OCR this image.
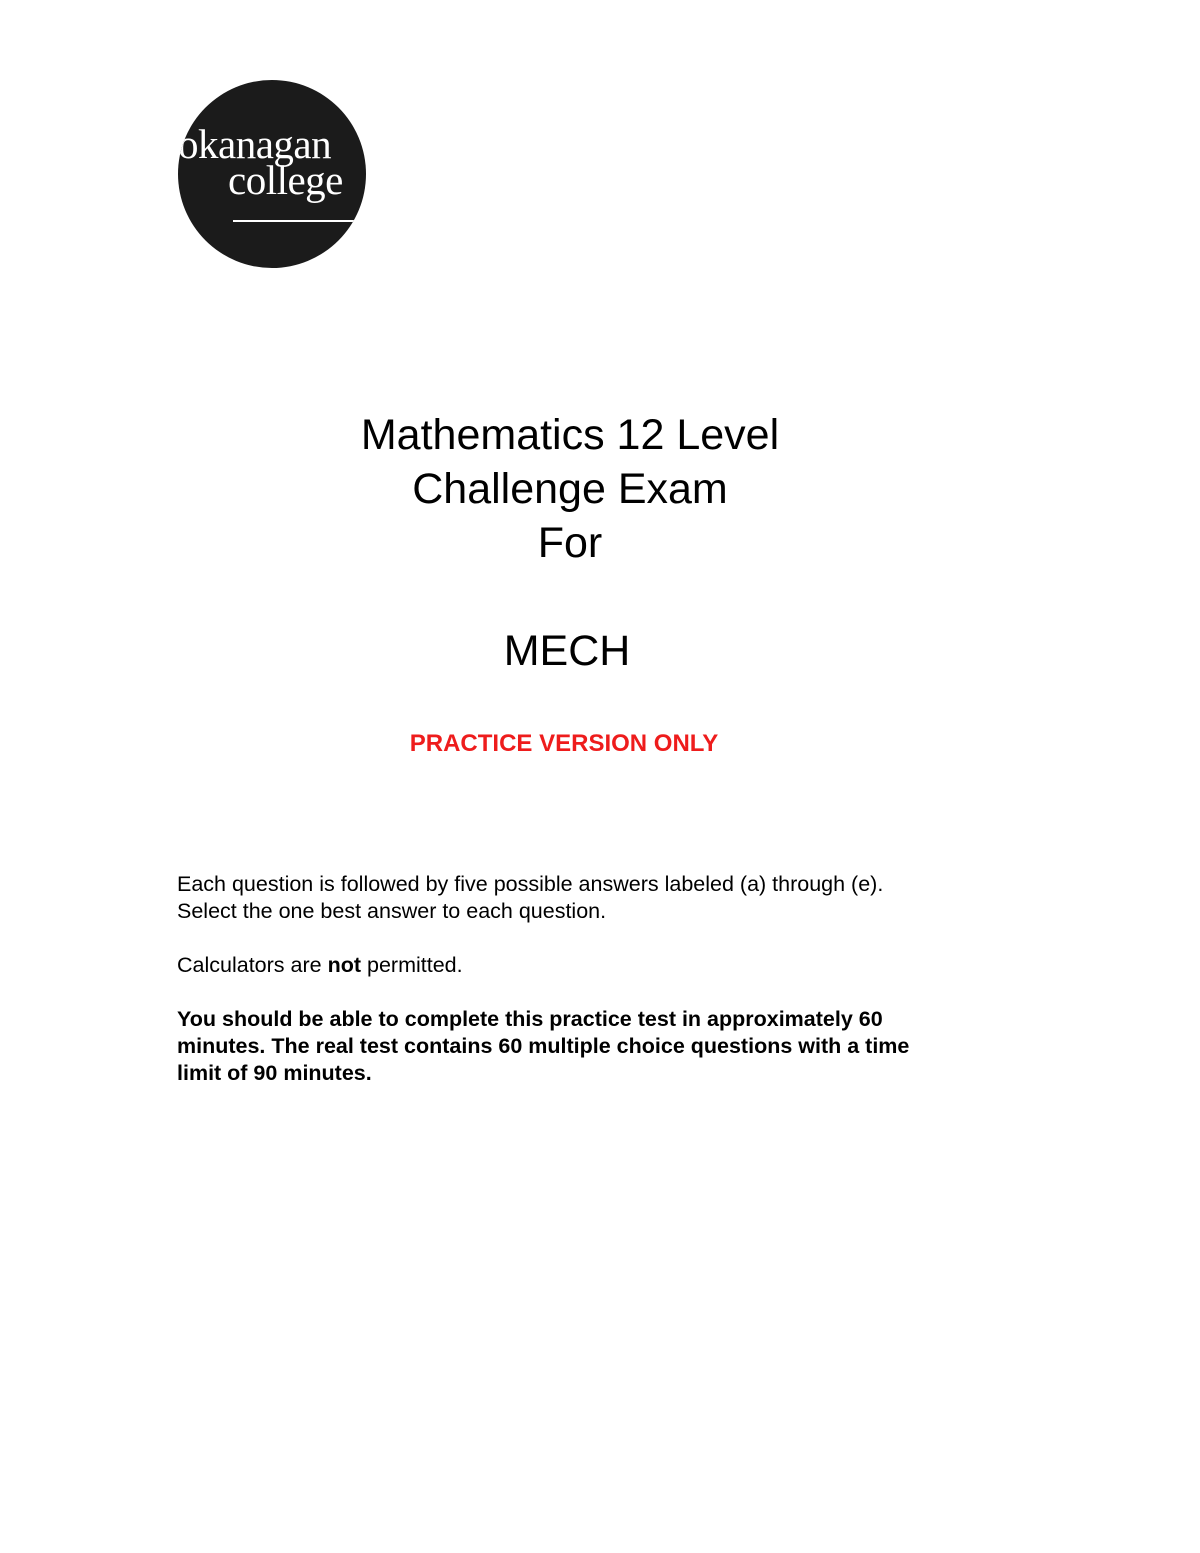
okanagan
college
Mathematics 12 Level
Challenge Exam
For
MECH
PRACTICE VERSION ONLY

Each question is followed by five possible answers labeled (a) through (e).

Select the one best answer to each question.

Calculators are not permitted.

You should be able to complete this practice test in approximately 60

minutes. The real test contains 60 multiple choice questions with a time

limit of 90 minutes.
